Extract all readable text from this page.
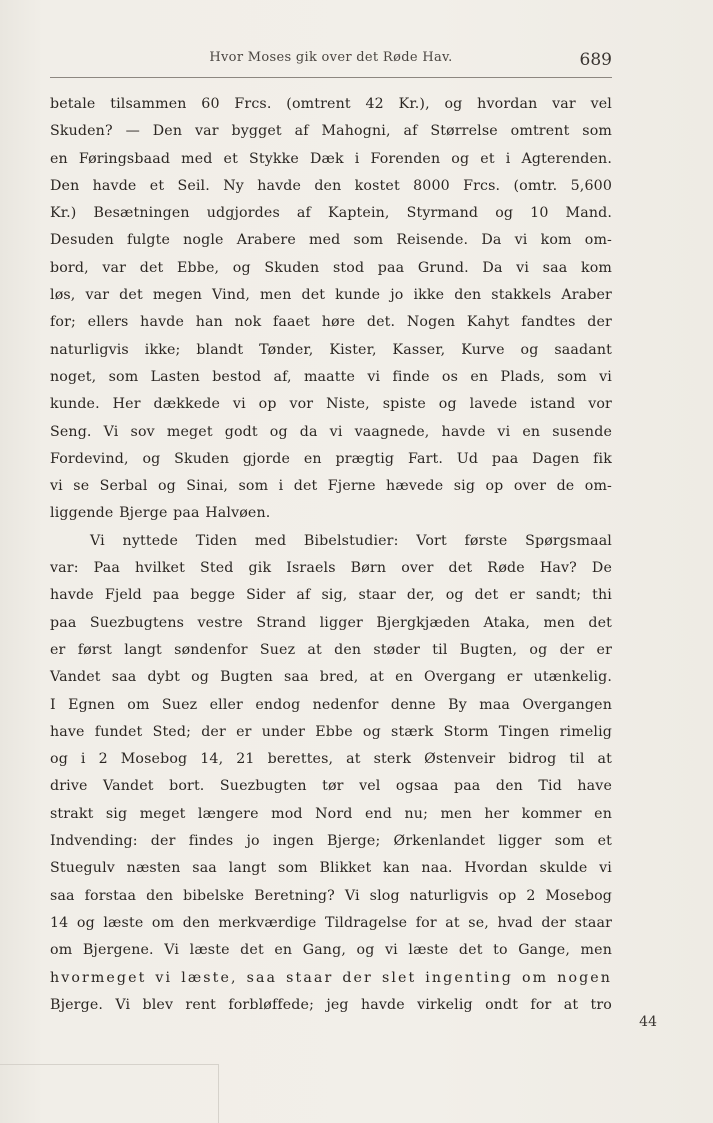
Hvor Moses gik over det Røde Hav.	689
betale tilsammen 60 Frcs. (omtrent 42 Kr.), og hvordan var vel
Skuden? — Den var bygget af Mahogni, af Størrelse omtrent som
en Føringsbaad med et Stykke Dæk i Forenden og et i Agterenden.
Den havde et Seil. Ny havde den kostet 8000 Frcs. (omtr. 5,600
Kr.) Besætningen udgjordes af Kaptein, Styrmand og 10 Mand.
Desuden fulgte nogle Arabere med som Reisende. Da vi kom om-
bord, var det Ebbe, og Skuden stod paa Grund. Da vi saa kom
løs, var det megen Vind, men det kunde jo ikke den stakkels Araber
for; ellers havde han nok faaet høre det. Nogen Kahyt fandtes der
naturligvis ikke; blandt Tønder, Kister, Kasser, Kurve og saadant
noget, som Lasten bestod af, maatte vi finde os en Plads, som vi
kunde. Her dækkede vi op vor Niste, spiste og lavede istand vor
Seng. Vi sov meget godt og da vi vaagnede, havde vi en susende
Fordevind, og Skuden gjorde en prægtig Fart. Ud paa Dagen fik
vi se Serbal og Sinai, som i det Fjerne hævede sig op over de om-
liggende Bjerge paa Halvøen.
Vi nyttede Tiden med Bibelstudier: Vort første Spørgsmaal
var: Paa hvilket Sted gik Israels Børn over det Røde Hav? De
havde Fjeld paa begge Sider af sig, staar der, og det er sandt; thi
paa Suezbugtens vestre Strand ligger Bjergkjæden Ataka, men det
er først langt søndenfor Suez at den støder til Bugten, og der er
Vandet saa dybt og Bugten saa bred, at en Overgang er utænkelig.
I Egnen om Suez eller endog nedenfor denne By maa Overgangen
have fundet Sted; der er under Ebbe og stærk Storm Tingen rimelig
og i 2 Mosebog 14, 21 berettes, at sterk Østenveir bidrog til at
drive Vandet bort. Suezbugten tør vel ogsaa paa den Tid have
strakt sig meget længere mod Nord end nu; men her kommer en
Indvending: der findes jo ingen Bjerge; Ørkenlandet ligger som et
Stuegulv næsten saa langt som Blikket kan naa. Hvordan skulde vi
saa forstaa den bibelske Beretning? Vi slog naturligvis op 2 Mosebog
14 og læste om den merkværdige Tildragelse for at se, hvad der staar
om Bjergene. Vi læste det en Gang, og vi læste det to Gange, men
hvormeget vi læste, saa staar der slet ingenting om nogen
Bjerge. Vi blev rent forbløffede; jeg havde virkelig ondt for at tro
44
